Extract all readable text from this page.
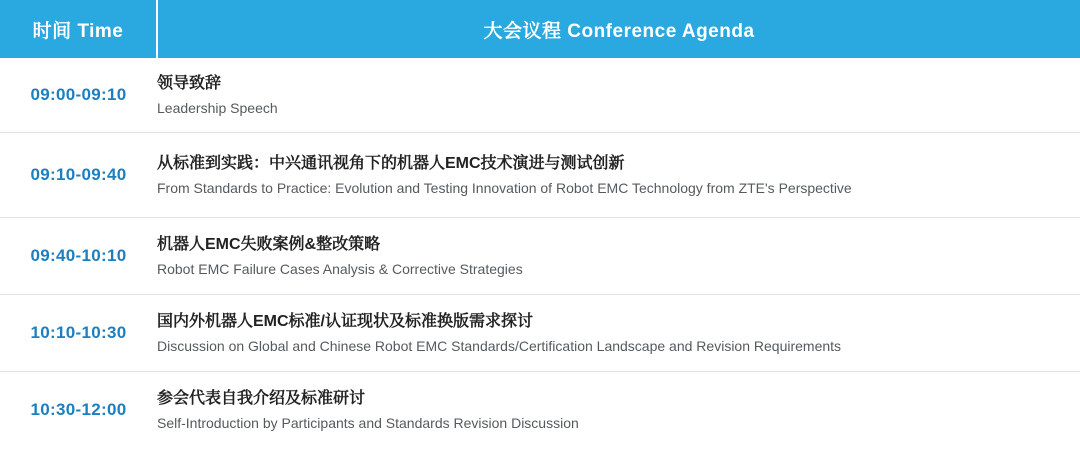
时间 Time	大会议程 Conference Agenda
09:00-09:10	领导致辞
Leadership Speech

09:10-09:40	从标准到实践：中兴通讯视角下的机器人EMC技术演进与测试创新
From Standards to Practice: Evolution and Testing Innovation of Robot EMC Technology from ZTE's Perspective

09:40-10:10	机器人EMC失败案例&整改策略
Robot EMC Failure Cases Analysis & Corrective Strategies

10:10-10:30	国内外机器人EMC标准/认证现状及标准换版需求探讨
Discussion on Global and Chinese Robot EMC Standards/Certification Landscape and Revision Requirements

10:30-12:00	参会代表自我介绍及标准研讨
Self-Introduction by Participants and Standards Revision Discussion
